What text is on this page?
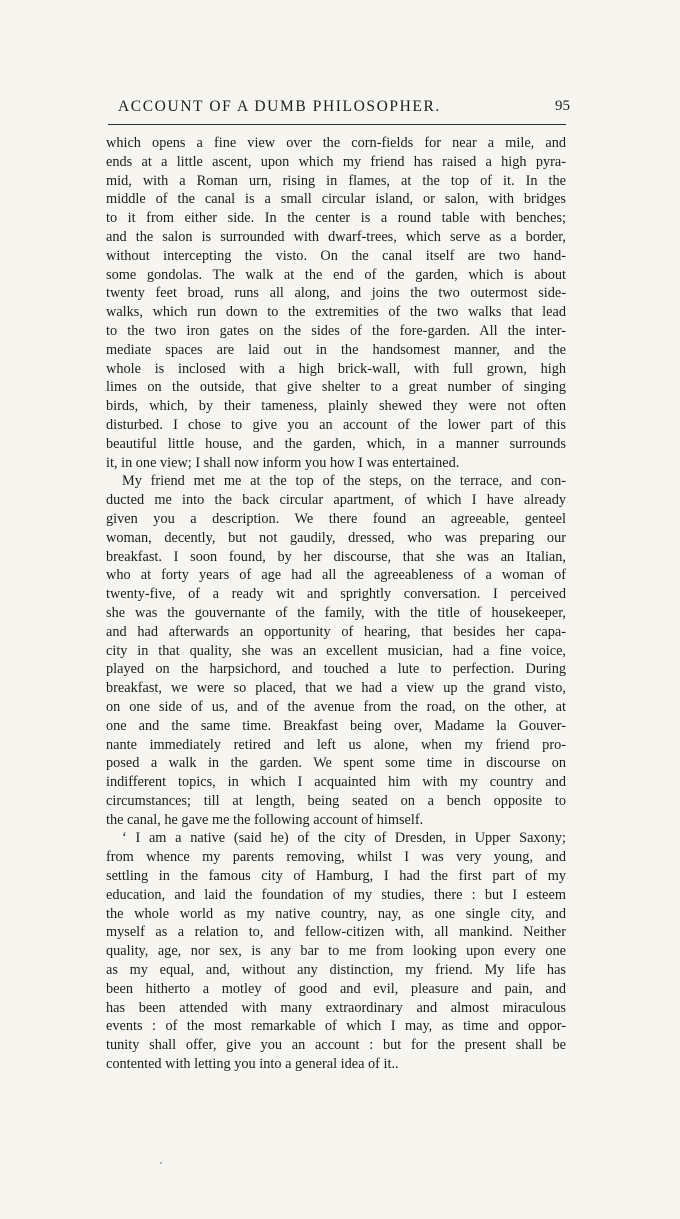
ACCOUNT OF A DUMB PHILOSOPHER.	95
which opens a fine view over the corn-fields for near a mile, and
ends at a little ascent, upon which my friend has raised a high pyra-
mid, with a Roman urn, rising in flames, at the top of it. In the
middle of the canal is a small circular island, or salon, with bridges
to it from either side. In the center is a round table with benches;
and the salon is surrounded with dwarf-trees, which serve as a border,
without intercepting the visto. On the canal itself are two hand-
some gondolas. The walk at the end of the garden, which is about
twenty feet broad, runs all along, and joins the two outermost side-
walks, which run down to the extremities of the two walks that lead
to the two iron gates on the sides of the fore-garden. All the inter-
mediate spaces are laid out in the handsomest manner, and the
whole is inclosed with a high brick-wall, with full grown, high
limes on the outside, that give shelter to a great number of singing
birds, which, by their tameness, plainly shewed they were not often
disturbed. I chose to give you an account of the lower part of this
beautiful little house, and the garden, which, in a manner surrounds
it, in one view; I shall now inform you how I was entertained.
My friend met me at the top of the steps, on the terrace, and con-
ducted me into the back circular apartment, of which I have already
given you a description. We there found an agreeable, genteel
woman, decently, but not gaudily, dressed, who was preparing our
breakfast. I soon found, by her discourse, that she was an Italian,
who at forty years of age had all the agreeableness of a woman of
twenty-five, of a ready wit and sprightly conversation. I perceived
she was the gouvernante of the family, with the title of housekeeper,
and had afterwards an opportunity of hearing, that besides her capa-
city in that quality, she was an excellent musician, had a fine voice,
played on the harpsichord, and touched a lute to perfection. During
breakfast, we were so placed, that we had a view up the grand visto,
on one side of us, and of the avenue from the road, on the other, at
one and the same time. Breakfast being over, Madame la Gouver-
nante immediately retired and left us alone, when my friend pro-
posed a walk in the garden. We spent some time in discourse on
indifferent topics, in which I acquainted him with my country and
circumstances; till at length, being seated on a bench opposite to
the canal, he gave me the following account of himself.
‘ I am a native (said he) of the city of Dresden, in Upper Saxony;
from whence my parents removing, whilst I was very young, and
settling in the famous city of Hamburg, I had the first part of my
education, and laid the foundation of my studies, there : but I esteem
the whole world as my native country, nay, as one single city, and
myself as a relation to, and fellow-citizen with, all mankind. Neither
quality, age, nor sex, is any bar to me from looking upon every one
as my equal, and, without any distinction, my friend. My life has
been hitherto a motley of good and evil, pleasure and pain, and
has been attended with many extraordinary and almost miraculous
events : of the most remarkable of which I may, as time and oppor-
tunity shall offer, give you an account : but for the present shall be
contented with letting you into a general idea of it..
